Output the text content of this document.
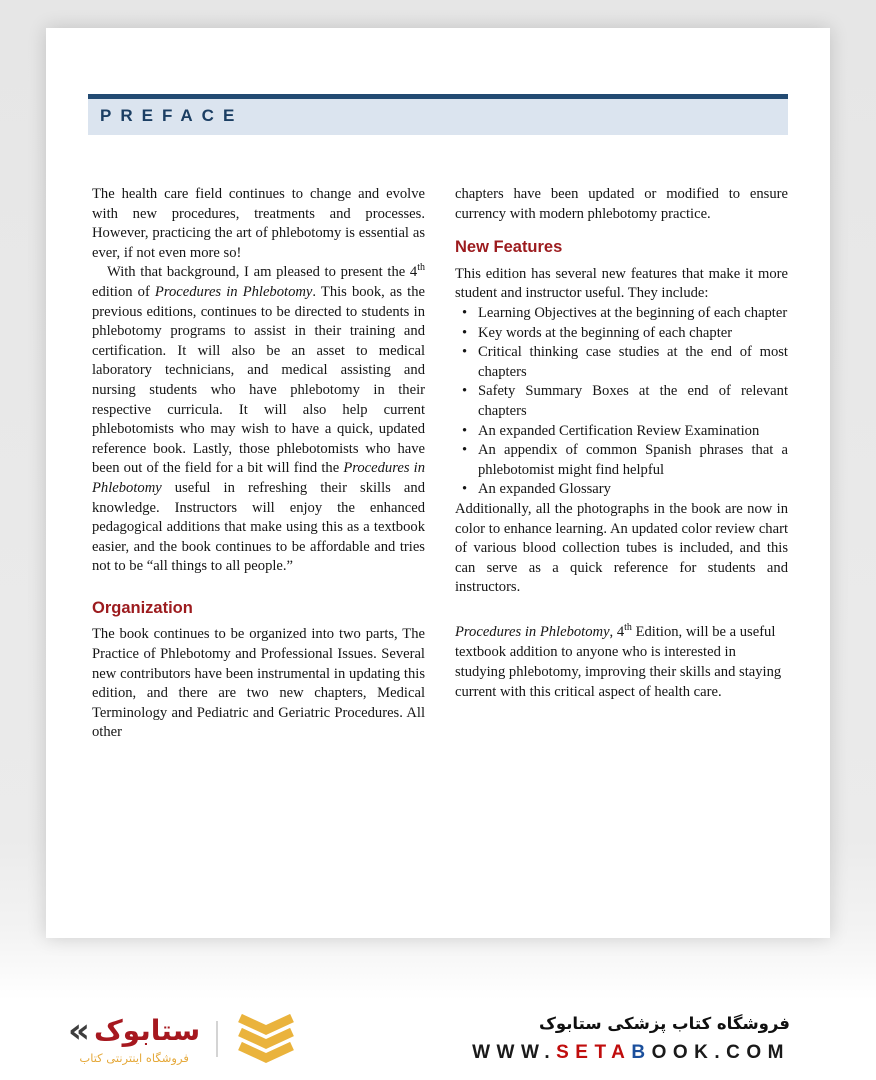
PREFACE

The health care field continues to change and evolve with new procedures, treatments and processes. However, practicing the art of phlebotomy is essential as ever, if not even more so!

With that background, I am pleased to present the 4th edition of Procedures in Phlebotomy. This book, as the previous editions, continues to be directed to students in phlebotomy programs to assist in their training and certification. It will also be an asset to medical laboratory technicians, and medical assisting and nursing students who have phlebotomy in their respective curricula. It will also help current phlebotomists who may wish to have a quick, updated reference book. Lastly, those phlebotomists who have been out of the field for a bit will find the Procedures in Phlebotomy useful in refreshing their skills and knowledge. Instructors will enjoy the enhanced pedagogical additions that make using this as a textbook easier, and the book continues to be affordable and tries not to be “all things to all people.”

Organization

The book continues to be organized into two parts, The Practice of Phlebotomy and Professional Issues. Several new contributors have been instrumental in updating this edition, and there are two new chapters, Medical Terminology and Pediatric and Geriatric Procedures. All other

chapters have been updated or modified to ensure currency with modern phlebotomy practice.

New Features

This edition has several new features that make it more student and instructor useful. They include:

• Learning Objectives at the beginning of each chapter
• Key words at the beginning of each chapter
• Critical thinking case studies at the end of most chapters
• Safety Summary Boxes at the end of relevant chapters
• An expanded Certification Review Examination
• An appendix of common Spanish phrases that a phlebotomist might find helpful
• An expanded Glossary

Additionally, all the photographs in the book are now in color to enhance learning. An updated color review chart of various blood collection tubes is included, and this can serve as a quick reference for students and instructors.

Procedures in Phlebotomy, 4th Edition, will be a useful textbook addition to anyone who is interested in studying phlebotomy, improving their skills and staying current with this critical aspect of health care.

« ستابوک
فروشگاه اینترنتی کتاب
فروشگاه کتاب پزشکی ستابوک
WWW.SETABOOK.COM
